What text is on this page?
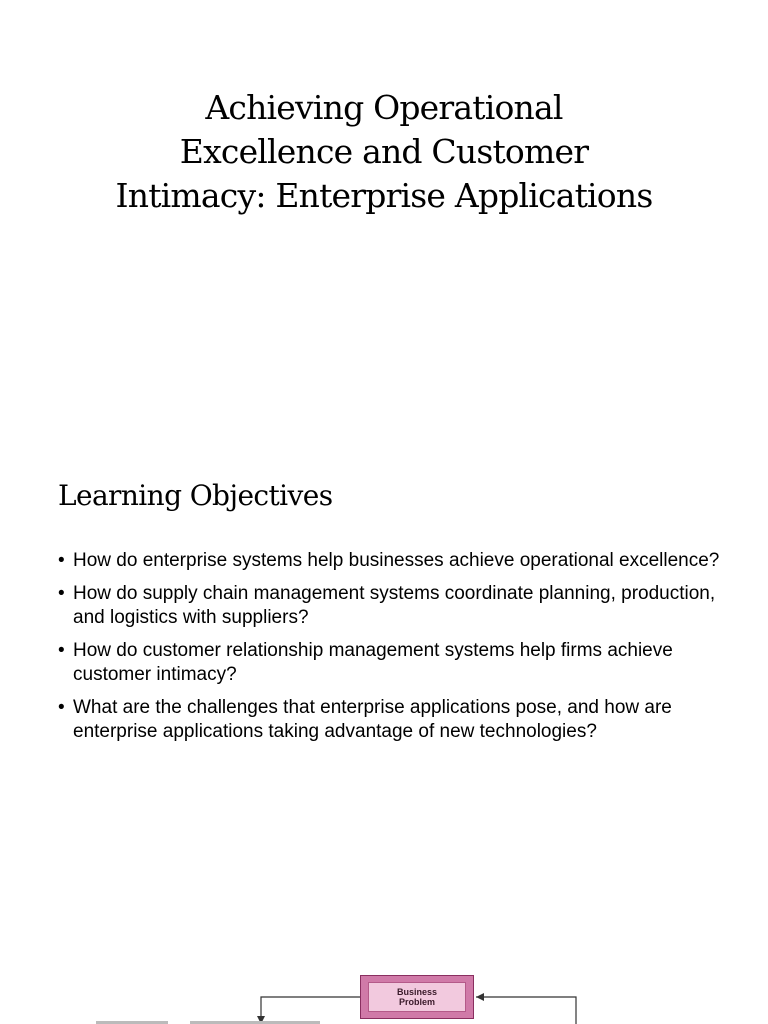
Achieving Operational
Excellence and Customer
Intimacy: Enterprise Applications
Learning Objectives
• How do enterprise systems help businesses achieve operational excellence?
• How do supply chain management systems coordinate planning, production, and logistics with suppliers?
• How do customer relationship management systems help firms achieve customer intimacy?
• What are the challenges that enterprise applications pose, and how are enterprise applications taking advantage of new technologies?
Business
Problem
